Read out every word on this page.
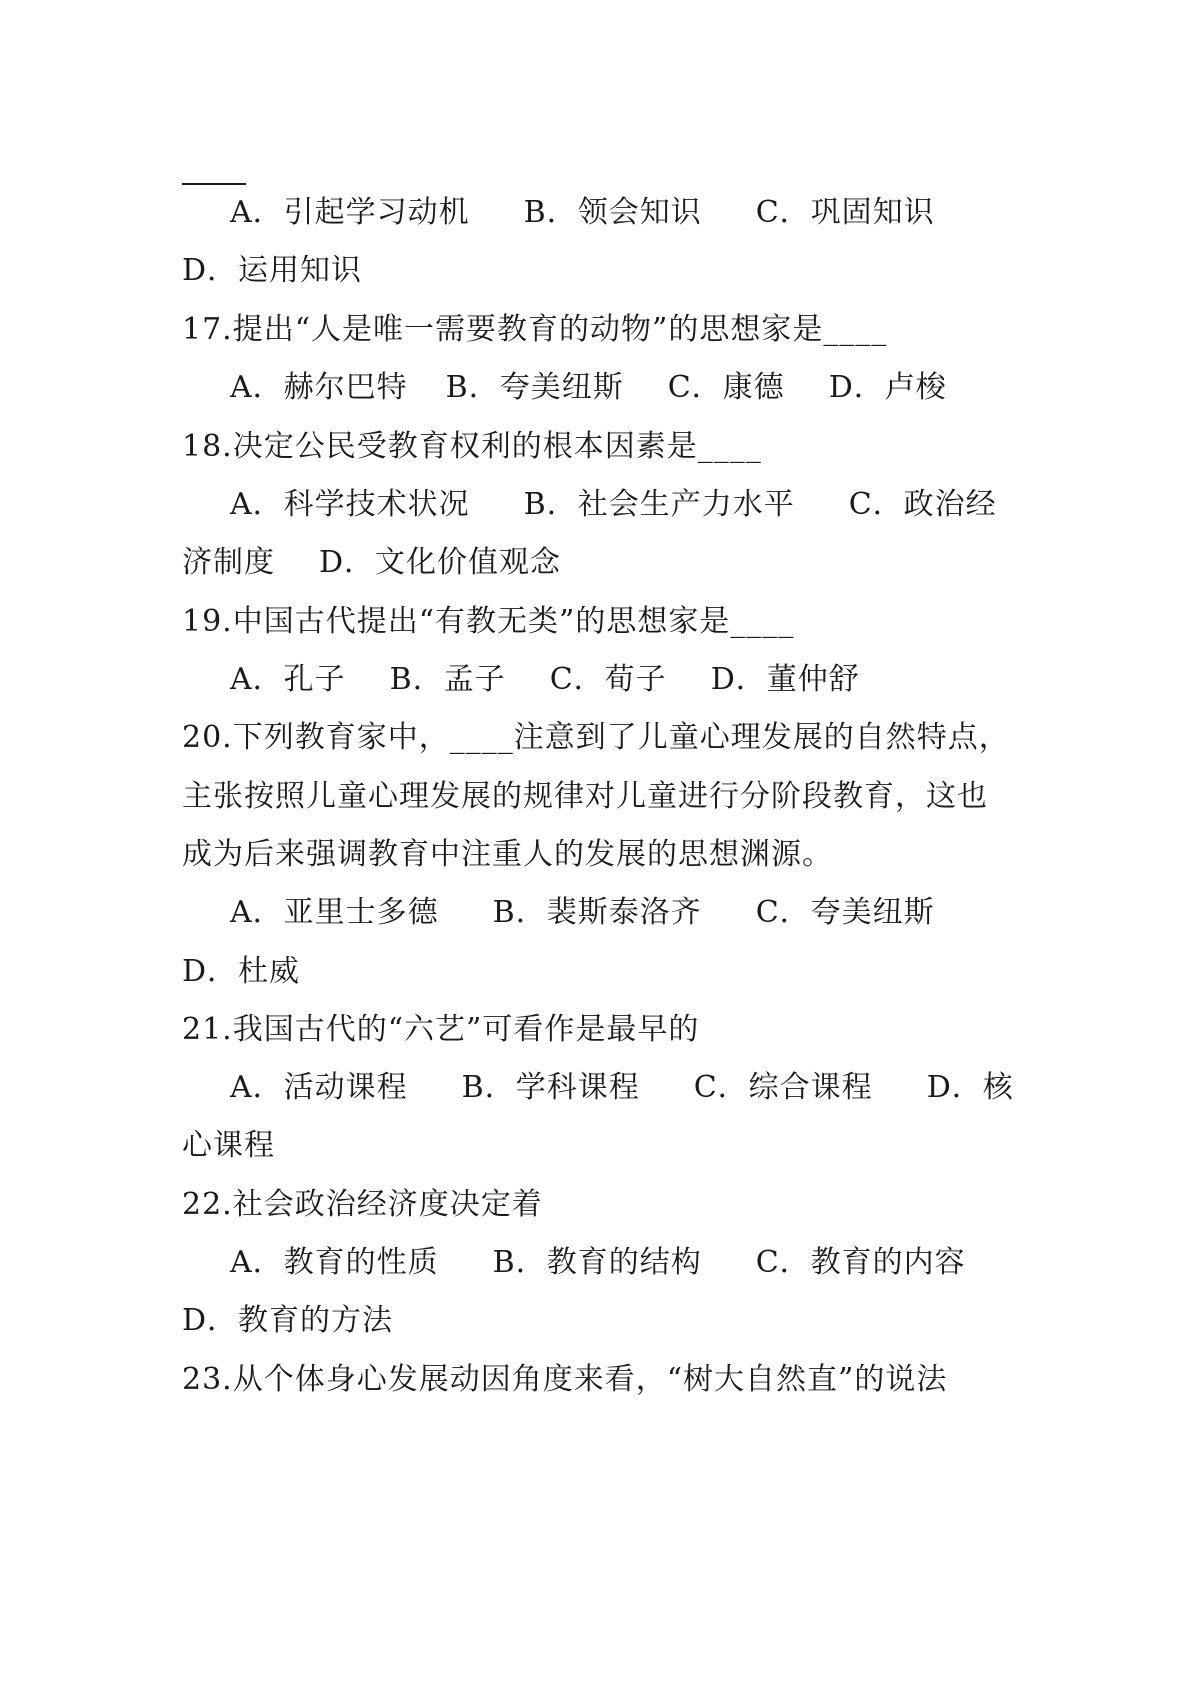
A．引起学习动机 B．领会知识 C．巩固知识
D．运用知识
17.提出“人是唯一需要教育的动物”的思想家是____
A．赫尔巴特 B．夸美纽斯 C．康德 D．卢梭
18.决定公民受教育权利的根本因素是____
A．科学技术状况 B．社会生产力水平 C．政治经
济制度 D．文化价值观念
19.中国古代提出“有教无类”的思想家是____
A．孔子 B．孟子 C．荀子 D．董仲舒
20.下列教育家中，____注意到了儿童心理发展的自然特点，
主张按照儿童心理发展的规律对儿童进行分阶段教育，这也
成为后来强调教育中注重人的发展的思想渊源。
A．亚里士多德 B．裴斯泰洛齐 C．夸美纽斯
D．杜威
21.我国古代的“六艺”可看作是最早的
A．活动课程 B．学科课程 C．综合课程 D．核
心课程
22.社会政治经济度决定着
A．教育的性质 B．教育的结构 C．教育的内容
D．教育的方法
23.从个体身心发展动因角度来看，“树大自然直”的说法
